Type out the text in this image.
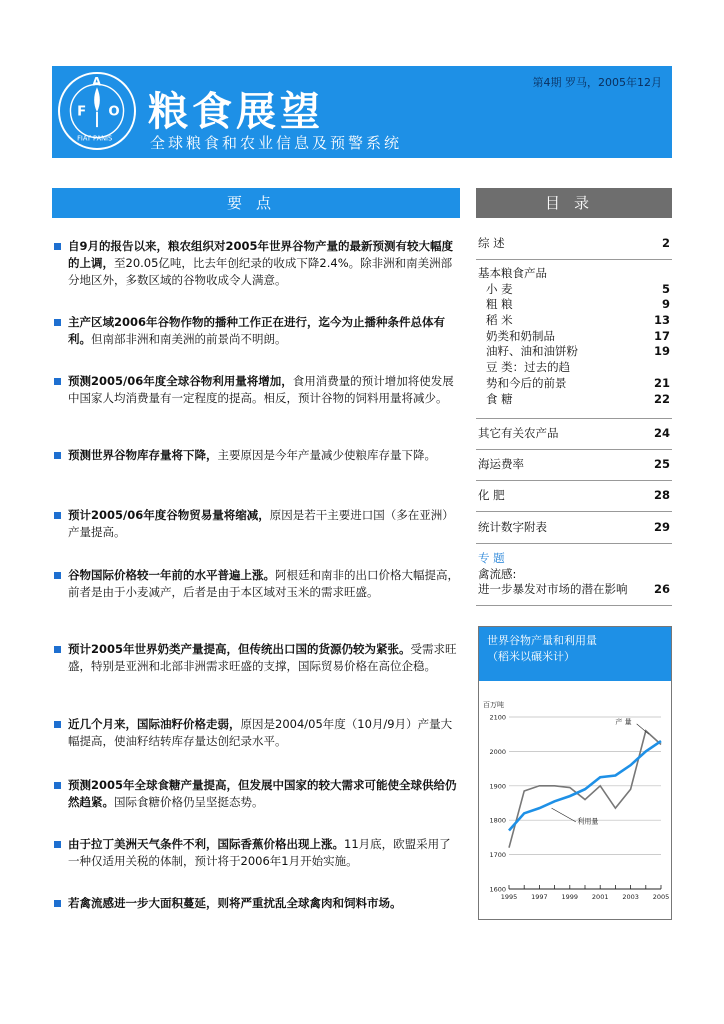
F
A
O
FIAT PANIS
第4期 罗马，2005年12月
粮食展望
全球粮食和农业信息及预警系统
要点	目录
自9月的报告以来，粮农组织对2005年世界谷物产量的最新预测有较大幅度的上调，至20.05亿吨，比去年创纪录的收成下降2.4%。除非洲和南美洲部分地区外，多数区域的谷物收成令人满意。
主产区域2006年谷物作物的播种工作正在进行，迄今为止播种条件总体有利。但南部非洲和南美洲的前景尚不明朗。
预测2005/06年度全球谷物利用量将增加，食用消费量的预计增加将使发展中国家人均消费量有一定程度的提高。相反，预计谷物的饲料用量将减少。
预测世界谷物库存量将下降，主要原因是今年产量减少使粮库存量下降。
预计2005/06年度谷物贸易量将缩减，原因是若干主要进口国（多在亚洲）产量提高。
谷物国际价格较一年前的水平普遍上涨。阿根廷和南非的出口价格大幅提高，前者是由于小麦减产，后者是由于本区域对玉米的需求旺盛。
预计2005年世界奶类产量提高，但传统出口国的货源仍较为紧张。受需求旺盛，特别是亚洲和北部非洲需求旺盛的支撑，国际贸易价格在高位企稳。
近几个月来，国际油籽价格走弱，原因是2004/05年度（10月/9月）产量大幅提高，使油籽结转库存量达创纪录水平。
预测2005年全球食糖产量提高，但发展中国家的较大需求可能使全球供给仍然趋紧。国际食糖价格仍呈坚挺态势。
由于拉丁美洲天气条件不利，国际香蕉价格出现上涨。11月底，欧盟采用了一种仅适用关税的体制，预计将于2006年1月开始实施。
若禽流感进一步大面积蔓延，则将严重扰乱全球禽肉和饲料市场。
综 述	2
基本粮食产品
小 麦	5
粗 粮	9
稻 米	13
奶类和奶制品	17
油籽、油和油饼粉	19
豆 类：过去的趋
势和今后的前景	21
食 糖	22
其它有关农产品	24
海运费率	25
化 肥	28
统计数字附表	29
专 题
禽流感:
进一步暴发对市场的潜在影响 26
世界谷物产量和利用量
（稻米以碾米计）
百万吨
1600
1700
1800
1900
2000
2100
1995 1997 1999 2001 2003 2005
产 量
利用量
